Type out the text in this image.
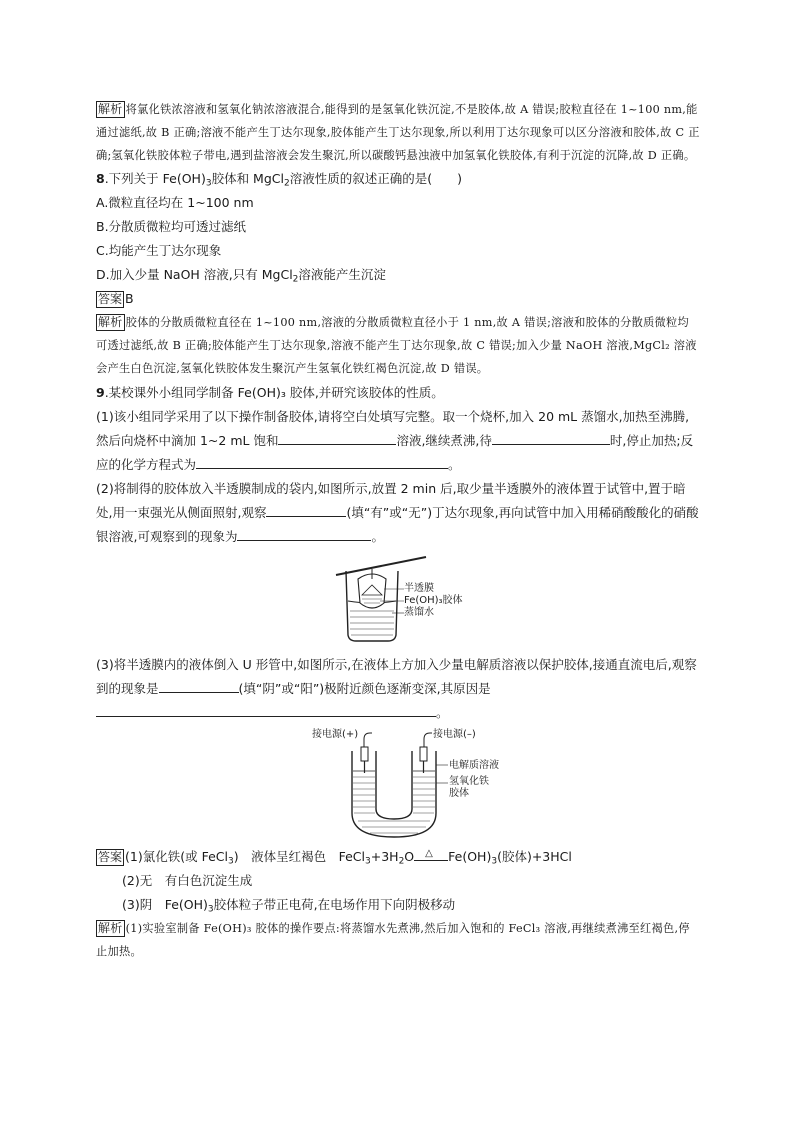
解析 将氯化铁浓溶液和氢氧化钠浓溶液混合,能得到的是氢氧化铁沉淀,不是胶体,故 A 错误;胶粒直径在 1~100 nm,能通过滤纸,故 B 正确;溶液不能产生丁达尔现象,胶体能产生丁达尔现象,所以利用丁达尔现象可以区分溶液和胶体,故 C 正确;氢氧化铁胶体粒子带电,遇到盐溶液会发生聚沉,所以碳酸钙悬浊液中加氢氧化铁胶体,有利于沉淀的沉降,故 D 正确。

8.下列关于 $Fe(OH)_3$胶体和 MgCl$_2$溶液性质的叙述正确的是(　　)

A.微粒直径均在 1~100 nm

B.分散质微粒均可透过滤纸

C.均能产生丁达尔现象

D.加入少量 NaOH 溶液,只有 MgCl$_2$溶液能产生沉淀

答案 B

解析 胶体的分散质微粒直径在 1~100 nm,溶液的分散质微粒直径小于 1 nm,故 A 错误;溶液和胶体的分散质微粒均可透过滤纸,故 B 正确;胶体能产生丁达尔现象,溶液不能产生丁达尔现象,故 C 错误;加入少量 NaOH 溶液,MgCl₂ 溶液会产生白色沉淀,氢氧化铁胶体发生聚沉产生氢氧化铁红褐色沉淀,故 D 错误。

9.某校课外小组同学制备 Fe(OH)₃ 胶体,并研究该胶体的性质。

(1)该小组同学采用了以下操作制备胶体,请将空白处填写完整。取一个烧杯,加入 20 mL 蒸馏水,加热至沸腾,然后向烧杯中滴加 1~2 mL 饱和	溶液,继续煮沸,待	时,停止加热;反应的化学方程式为	。

(2)将制得的胶体放入半透膜制成的袋内,如图所示,放置 2 min 后,取少量半透膜外的液体置于试管中,置于暗处,用一束强光从侧面照射,观察	(填“有”或“无”)丁达尔现象,再向试管中加入用稀硝酸酸化的硝酸银溶液,可观察到的现象为	。

半透膜
Fe(OH)₃胶体
蒸馏水

(3)将半透膜内的液体倒入 U 形管中,如图所示,在液体上方加入少量电解质溶液以保护胶体,接通直流电后,观察到的现象是	(填“阴”或“阳”)极附近颜色逐渐变深,其原因是。

接电源(+)	接电源(–)
电解质溶液
氢氧化铁
胶体

答案 (1)氯化铁(或 FeCl$_3$)　液体呈红褐色　$FeCl_3+3H_2O$ △ $Fe(OH)_3$(胶体)+3HCl

(2)无　有白色沉淀生成

(3)阴　$Fe(OH)_3$胶体粒子带正电荷,在电场作用下向阴极移动

解析 (1)实验室制备 Fe(OH)₃ 胶体的操作要点:将蒸馏水先煮沸,然后加入饱和的 FeCl₃ 溶液,再继续煮沸至红褐色,停止加热。
